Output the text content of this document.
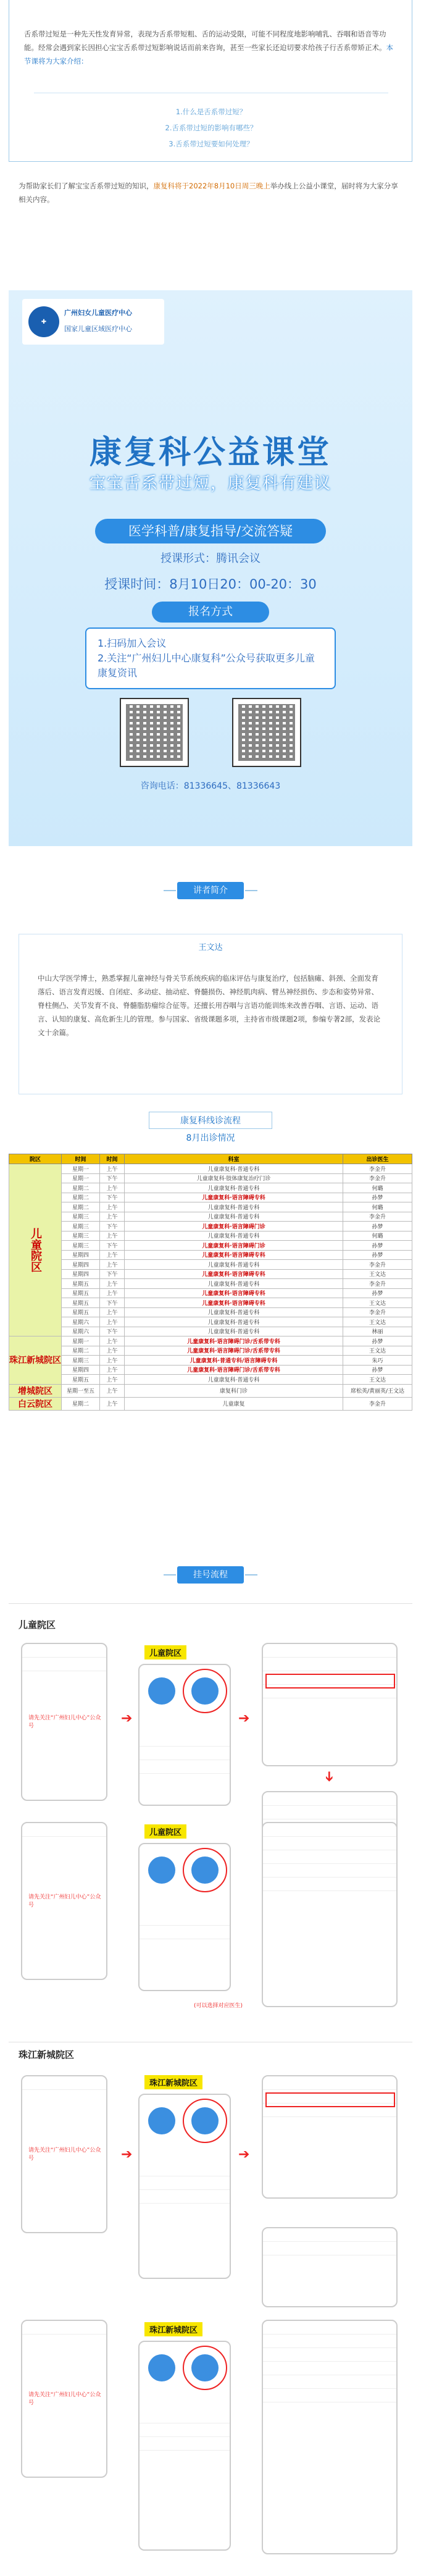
舌系带过短是一种先天性发育异常，表现为舌系带短粗、舌的运动受限，可能不同程度地影响哺乳、吞咽和语音等功能。经常会遇到家长因担心宝宝舌系带过短影响说话而前来咨询，甚至一些家长还迫切要求给孩子行舌系带矫正术。本节课将为大家介绍：
1.什么是舌系带过短？
2.舌系带过短的影响有哪些？
3.舌系带过短要如何处理？
为帮助家长们了解宝宝舌系带过短的知识，康复科将于2022年8月10日周三晚上举办线上公益小课堂，届时将为大家分享相关内容。
✚
广州妇女儿童医疗中心
国家儿童区域医疗中心
康复科公益课堂
宝宝舌系带过短，康复科有建议
医学科普/康复指导/交流答疑
授课形式：腾讯会议
授课时间：8月10日20：00-20：30
报名方式
1.扫码加入会议
2.关注“广州妇儿中心康复科”公众号获取更多儿童康复资讯
咨询电话：81336645、81336643
讲者简介
王文达
中山大学医学博士，熟悉掌握儿童神经与骨关节系统疾病的临床评估与康复治疗，包括脑瘫、斜颈、全面发育落后、语言发育迟缓、自闭症、多动症、抽动症、脊髓损伤、神经肌肉病、臂丛神经损伤、步态和姿势异常、脊柱侧凸、关节发育不良、脊髓脂肪瘤综合征等。还擅长用吞咽与言语功能训练来改善吞咽、言语、运动、语言、认知的康复、高危新生儿的管理。参与国家、省级课题多项，主持省市级课题2项，参编专著2部，发表论文十余篇。
康复科线诊流程
8月出诊情况
院区	时间	时间	科室	出诊医生
儿童院区	星期一	上午	儿童康复科·普通专科	李金升
	星期一	下午	儿童康复科·肢体康复治疗门诊	李金升
	星期二	上午	儿童康复科·普通专科	何璐
	星期二	下午	儿童康复科·语言障碍专科	孙梦
	星期二	上午	儿童康复科·普通专科	何璐
	星期三	上午	儿童康复科·普通专科	李金升
	星期三	下午	儿童康复科·语言障碍门诊	孙梦
	星期三	上午	儿童康复科·普通专科	何璐
	星期三	下午	儿童康复科·语言障碍门诊	孙梦
	星期四	上午	儿童康复科·语言障碍专科	孙梦
	星期四	上午	儿童康复科·普通专科	李金升
	星期四	下午	儿童康复科·语言障碍专科	王文达
	星期五	上午	儿童康复科·普通专科	李金升
	星期五	上午	儿童康复科·语言障碍专科	孙梦
	星期五	下午	儿童康复科·语言障碍专科	王文达
	星期五	上午	儿童康复科·普通专科	李金升
	星期六	上午	儿童康复科·普通专科	王文达
	星期六	下午	儿童康复科·普通专科	林丽
珠江新城院区	星期一	上午	儿童康复科·语言障碍门诊/舌系带专科	孙梦
	星期二	上午	儿童康复科·语言障碍门诊/舌系带专科	王文达
	星期三	上午	儿童康复科·普通专科/语言障碍专科	朱巧
	星期四	上午	儿童康复科·语言障碍门诊/舌系带专科	孙梦
	星期五	上午	儿童康复科·普通专科	王文达
增城院区	星期一至五	上午	康复科门诊	席松英/黄丽英/王文达
白云院区	星期二	上午	儿童康复	李金升
挂号流程
儿童院区
请先关注“广州妇儿中心”公众号
儿童院区
➔	➔
➔
请先关注“广州妇儿中心”公众号
儿童院区
(可以选择对应医生)
珠江新城院区
请先关注“广州妇儿中心”公众号
珠江新城院区
➔	➔
请先关注“广州妇儿中心”公众号
珠江新城院区
